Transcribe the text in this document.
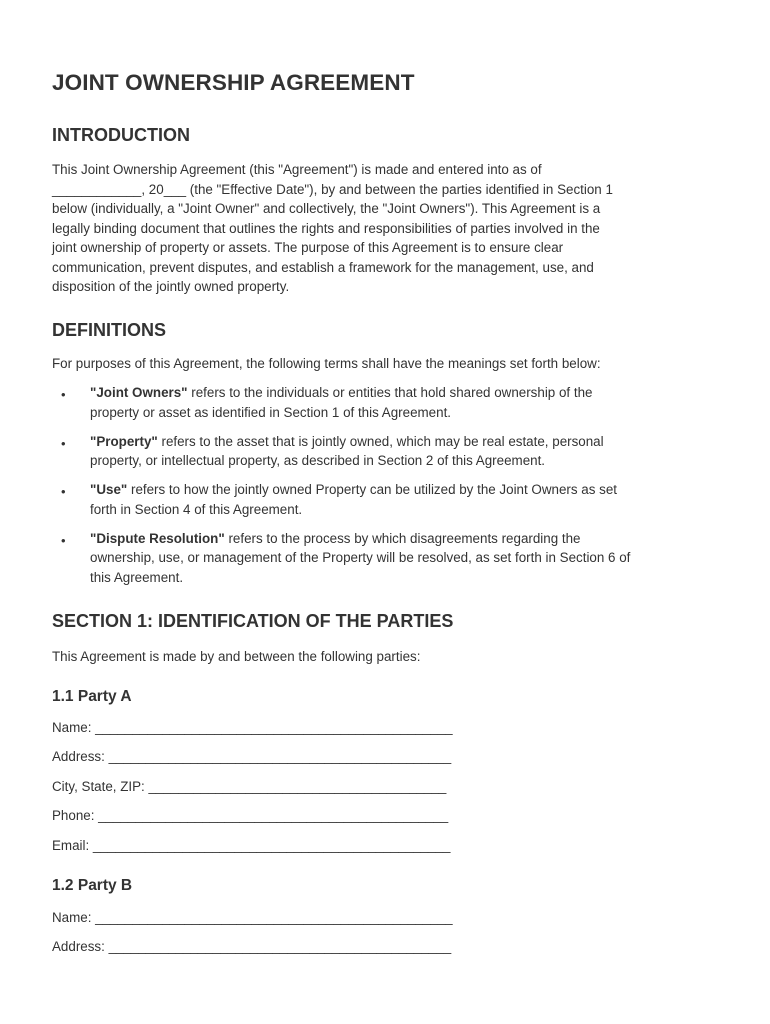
JOINT OWNERSHIP AGREEMENT
INTRODUCTION

This Joint Ownership Agreement (this "Agreement") is made and entered into as of
____________, 20___ (the "Effective Date"), by and between the parties identified in Section 1
below (individually, a "Joint Owner" and collectively, the "Joint Owners"). This Agreement is a
legally binding document that outlines the rights and responsibilities of parties involved in the
joint ownership of property or assets. The purpose of this Agreement is to ensure clear
communication, prevent disputes, and establish a framework for the management, use, and
disposition of the jointly owned property.

DEFINITIONS

For purposes of this Agreement, the following terms shall have the meanings set forth below:

• "Joint Owners" refers to the individuals or entities that hold shared ownership of the
property or asset as identified in Section 1 of this Agreement.
• "Property" refers to the asset that is jointly owned, which may be real estate, personal
property, or intellectual property, as described in Section 2 of this Agreement.
• "Use" refers to how the jointly owned Property can be utilized by the Joint Owners as set
forth in Section 4 of this Agreement.
• "Dispute Resolution" refers to the process by which disagreements regarding the
ownership, use, or management of the Property will be resolved, as set forth in Section 6 of
this Agreement.
SECTION 1: IDENTIFICATION OF THE PARTIES

This Agreement is made by and between the following parties:

1.1 Party A
Name: ________________________________________________
Address: ______________________________________________
City, State, ZIP: ________________________________________
Phone: _______________________________________________
Email: ________________________________________________
1.2 Party B
Name: ________________________________________________
Address: ______________________________________________
